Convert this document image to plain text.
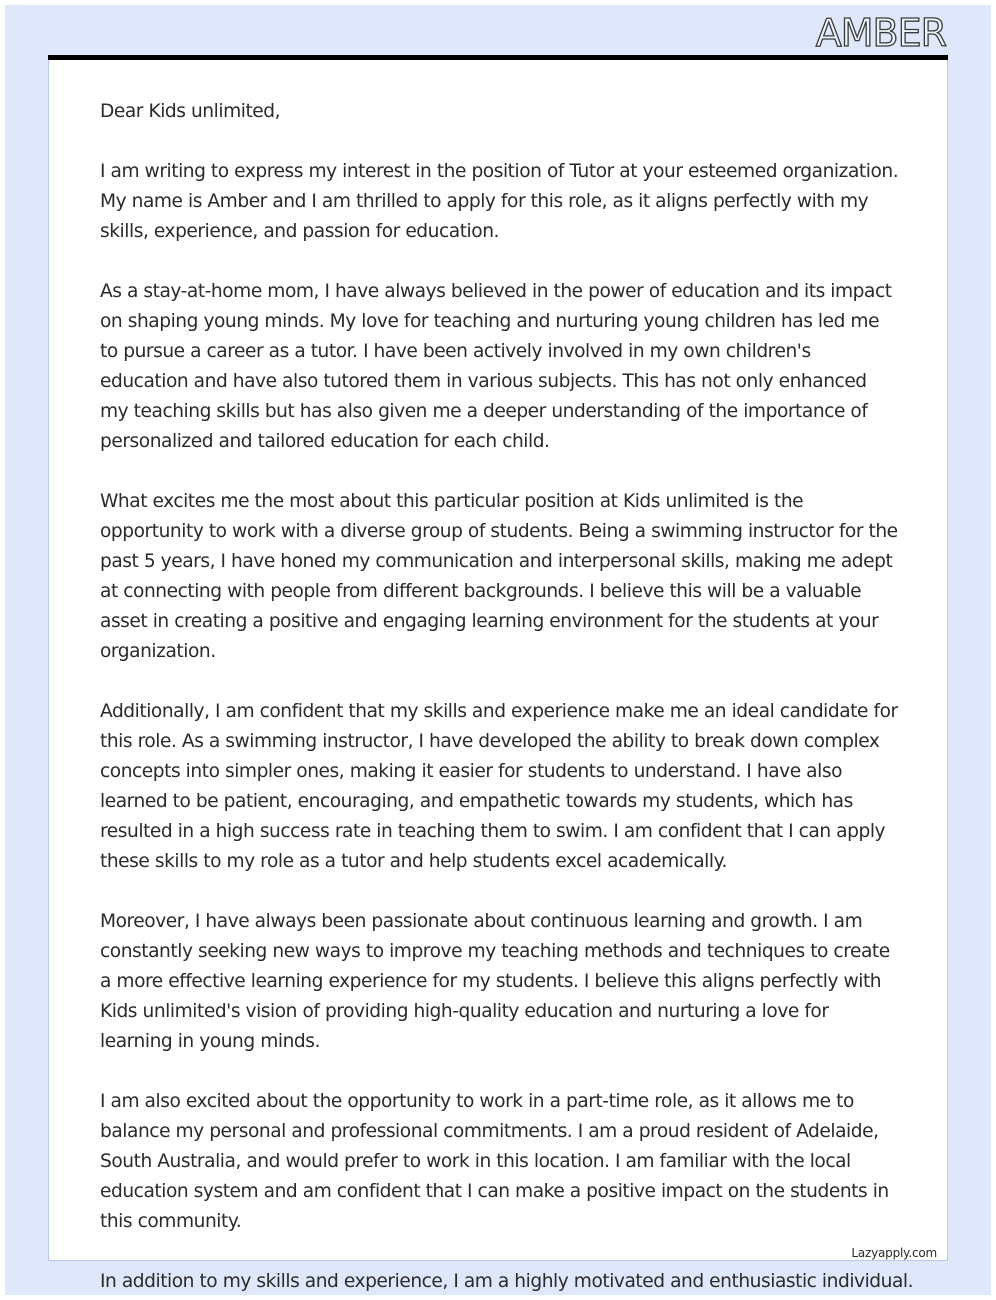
AMBER

Dear Kids unlimited,

I am writing to express my interest in the position of Tutor at your esteemed organization. My name is Amber and I am thrilled to apply for this role, as it aligns perfectly with my skills, experience, and passion for education.

As a stay-at-home mom, I have always believed in the power of education and its impact on shaping young minds. My love for teaching and nurturing young children has led me to pursue a career as a tutor. I have been actively involved in my own children's education and have also tutored them in various subjects. This has not only enhanced my teaching skills but has also given me a deeper understanding of the importance of personalized and tailored education for each child.

What excites me the most about this particular position at Kids unlimited is the opportunity to work with a diverse group of students. Being a swimming instructor for the past 5 years, I have honed my communication and interpersonal skills, making me adept at connecting with people from different backgrounds. I believe this will be a valuable asset in creating a positive and engaging learning environment for the students at your organization.

Additionally, I am confident that my skills and experience make me an ideal candidate for this role. As a swimming instructor, I have developed the ability to break down complex concepts into simpler ones, making it easier for students to understand. I have also learned to be patient, encouraging, and empathetic towards my students, which has resulted in a high success rate in teaching them to swim. I am confident that I can apply these skills to my role as a tutor and help students excel academically.

Moreover, I have always been passionate about continuous learning and growth. I am constantly seeking new ways to improve my teaching methods and techniques to create a more effective learning experience for my students. I believe this aligns perfectly with Kids unlimited's vision of providing high-quality education and nurturing a love for learning in young minds.

I am also excited about the opportunity to work in a part-time role, as it allows me to balance my personal and professional commitments. I am a proud resident of Adelaide, South Australia, and would prefer to work in this location. I am familiar with the local education system and am confident that I can make a positive impact on the students in this community.

Lazyapply.com
In addition to my skills and experience, I am a highly motivated and enthusiastic individual.
